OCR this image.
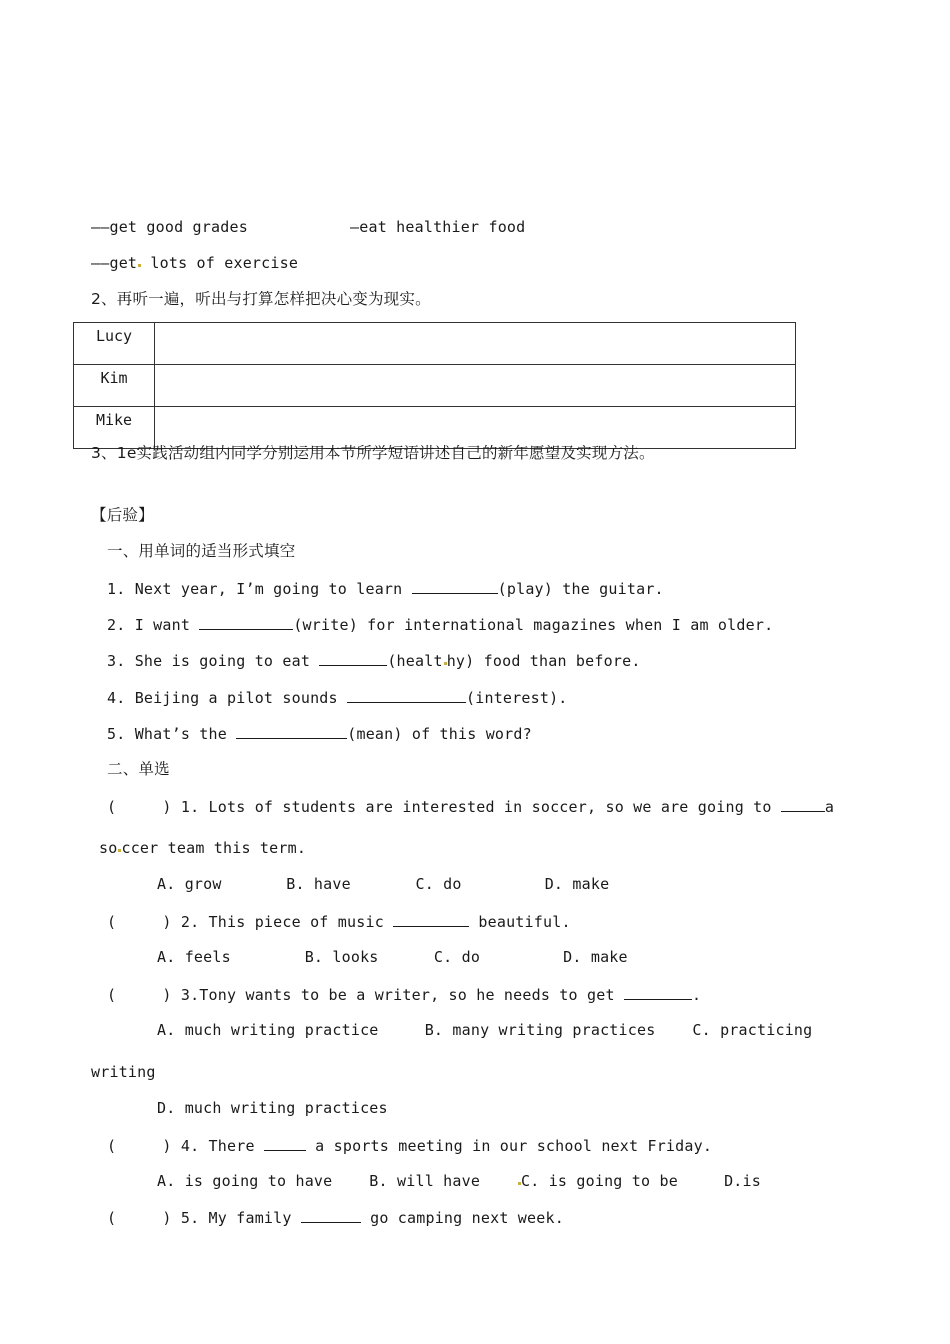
——get good grades	—eat healthier food
——get lots of exercise
2、再听一遍，听出与打算怎样把决心变为现实。
Lucy	
Kim	
Mike	
3、1e实践活动组内同学分别运用本节所学短语讲述自己的新年愿望及实现方法。
【后验】
一、用单词的适当形式填空
1. Next year, I’m going to learn	(play) the guitar.
2. I want	(write) for international magazines when I am older.
3. She is going to eat	(healt hy) food than before.
4. Beijing a pilot sounds	(interest).
5. What’s the	(mean) of this word?
二、单选
(     ) 1. Lots of students are interested in soccer, so we are going to	a
so ccer team this term.
A. grow       B. have       C. do         D. make
(     ) 2. This piece of music	beautiful.
A. feels        B. looks      C. do         D. make
(     ) 3.Tony wants to be a writer, so he needs to get	.
A. much writing practice     B. many writing practices    C. practicing
writing
D. much writing practices
(     ) 4. There	a sports meeting in our school next Friday.
A. is going to have    B. will have    C. is going to be     D.is
(     ) 5. My family	go camping next week.
